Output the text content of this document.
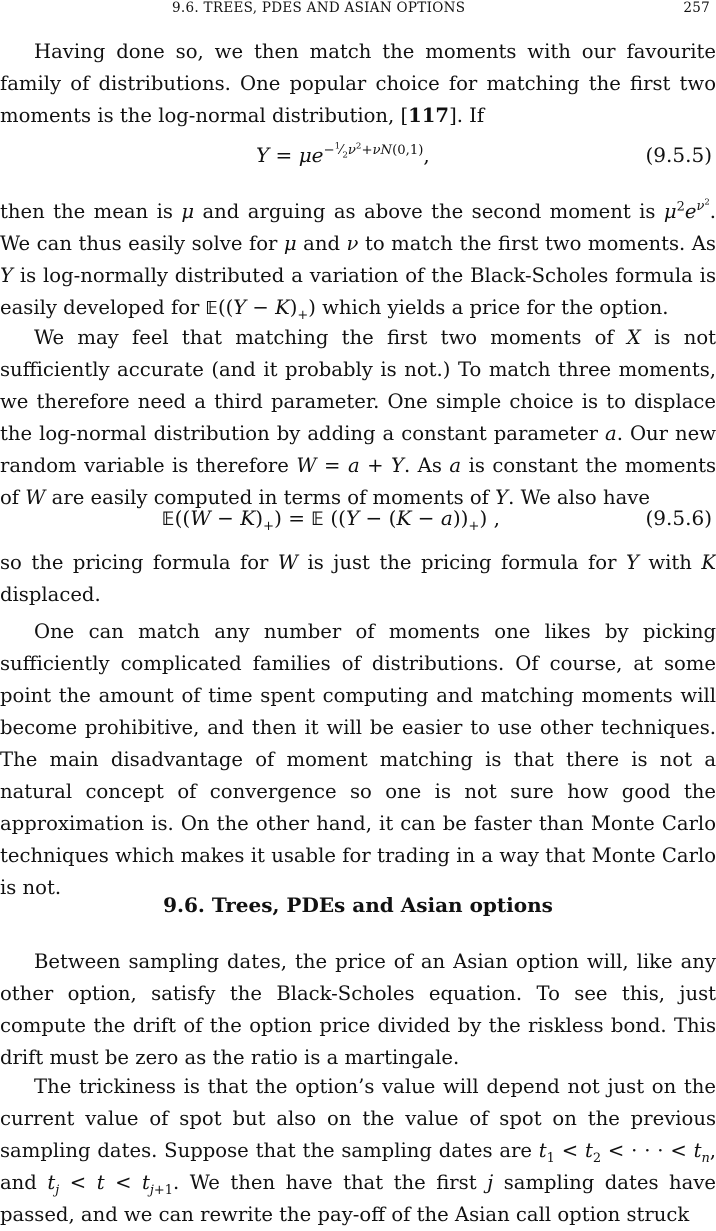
9.6. TREES, PDES AND ASIAN OPTIONS	257

Having done so, we then match the moments with our favourite family of distributions. One popular choice for matching the first two moments is the log-normal distribution, [117]. If

$Y = \mu e^{-^1⁄_2\nu^2+\nu N(0,1)}$,	(9.5.5)

then the mean is μ and arguing as above the second moment is $\mu^2e^{\nu^2}$. We can thus easily solve for μ and ν to match the first two moments. As Y is log-normally distributed a variation of the Black-Scholes formula is easily developed for 𝔼((Y − $K)_+$) which yields a price for the option.

We may feel that matching the first two moments of X is not sufficiently accurate (and it probably is not.) To match three moments, we therefore need a third parameter. One simple choice is to displace the log-normal distribution by adding a constant parameter a. Our new random variable is therefore W = a + Y. As a is constant the moments of W are easily computed in terms of moments of Y. We also have

𝔼((W − $K)_+$) = 𝔼 $((Y - (K - a))_+)$ ,	(9.5.6)

so the pricing formula for W is just the pricing formula for Y with K displaced.

One can match any number of moments one likes by picking sufficiently complicated families of distributions. Of course, at some point the amount of time spent computing and matching moments will become prohibitive, and then it will be easier to use other techniques. The main disadvantage of moment matching is that there is not a natural concept of convergence so one is not sure how good the approximation is. On the other hand, it can be faster than Monte Carlo techniques which makes it usable for trading in a way that Monte Carlo is not.

9.6. Trees, PDEs and Asian options

Between sampling dates, the price of an Asian option will, like any other option, satisfy the Black-Scholes equation. To see this, just compute the drift of the option price divided by the riskless bond. This drift must be zero as the ratio is a martingale.

The trickiness is that the option’s value will depend not just on the current value of spot but also on the value of spot on the previous sampling dates. Suppose that the sampling dates are $t_1 < t_2$ < · · · < $t_n$, and $t_j < t < t_{j+1}$. We then have that the first j sampling dates have passed, and we can rewrite the pay-off of the Asian call option struck
